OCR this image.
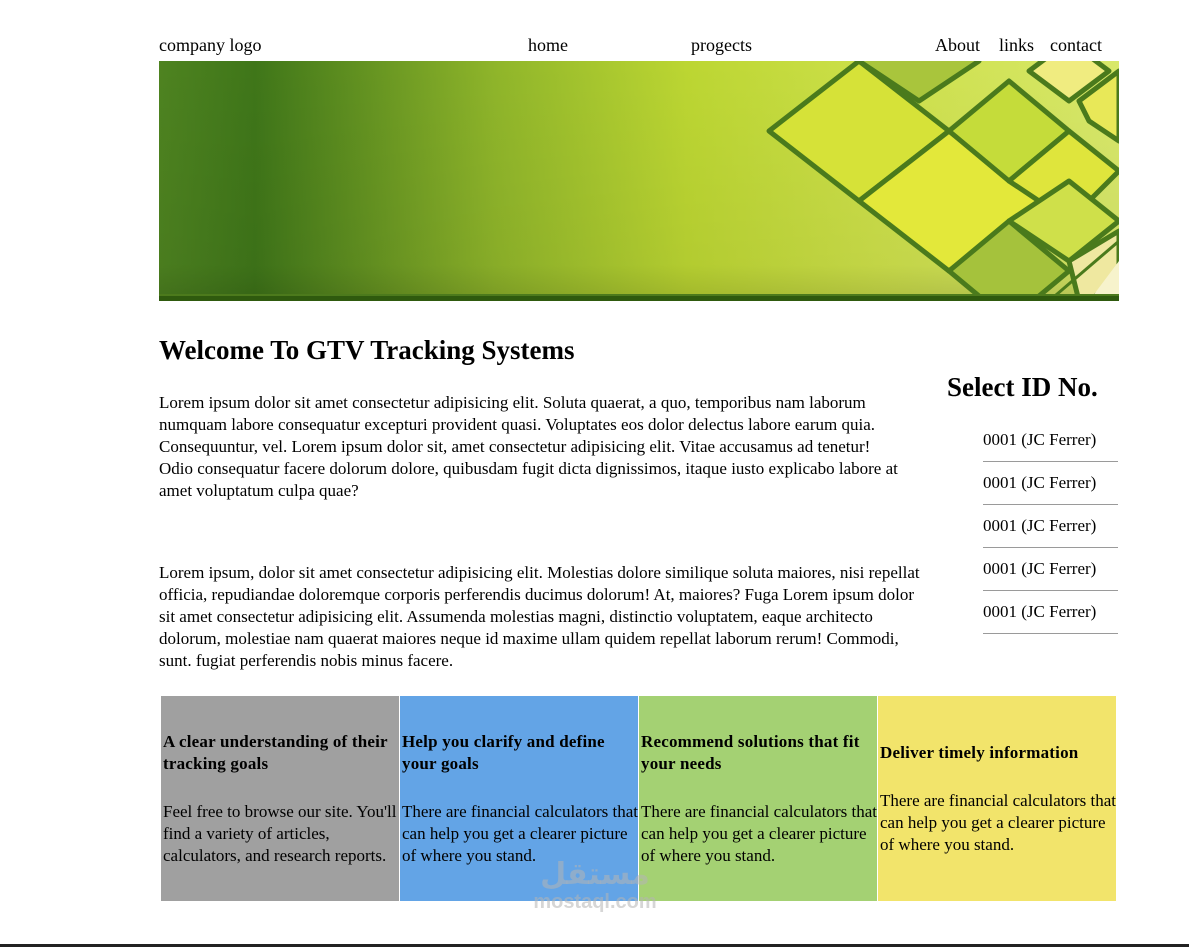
company logo	home	progects	About links contact
Welcome To GTV Tracking Systems

Lorem ipsum dolor sit amet consectetur adipisicing elit. Soluta quaerat, a quo, temporibus nam laborum numquam labore consequatur excepturi provident quasi. Voluptates eos dolor delectus labore earum quia. Consequuntur, vel. Lorem ipsum dolor sit, amet consectetur adipisicing elit. Vitae accusamus ad tenetur! Odio consequatur facere dolorum dolore, quibusdam fugit dicta dignissimos, itaque iusto explicabo labore at amet voluptatum culpa quae?

Lorem ipsum, dolor sit amet consectetur adipisicing elit. Molestias dolore similique soluta maiores, nisi repellat officia, repudiandae doloremque corporis perferendis ducimus dolorum! At, maiores? Fuga Lorem ipsum dolor sit amet consectetur adipisicing elit. Assumenda molestias magni, distinctio voluptatem, eaque architecto dolorum, molestiae nam quaerat maiores neque id maxime ullam quidem repellat laborum rerum! Commodi, sunt. fugiat perferendis nobis minus facere.

Select ID No.
0001 (JC Ferrer)
0001 (JC Ferrer)
0001 (JC Ferrer)
0001 (JC Ferrer)
0001 (JC Ferrer)
A clear understanding of their tracking goals

Feel free to browse our site. You'll find a variety of articles, calculators, and research reports.

Help you clarify and define your goals

There are financial calculators that can help you get a clearer picture of where you stand.

Recommend solutions that fit your needs

There are financial calculators that can help you get a clearer picture of where you stand.

Deliver timely information

There are financial calculators that can help you get a clearer picture of where you stand.

مستقل
mostaql.com
